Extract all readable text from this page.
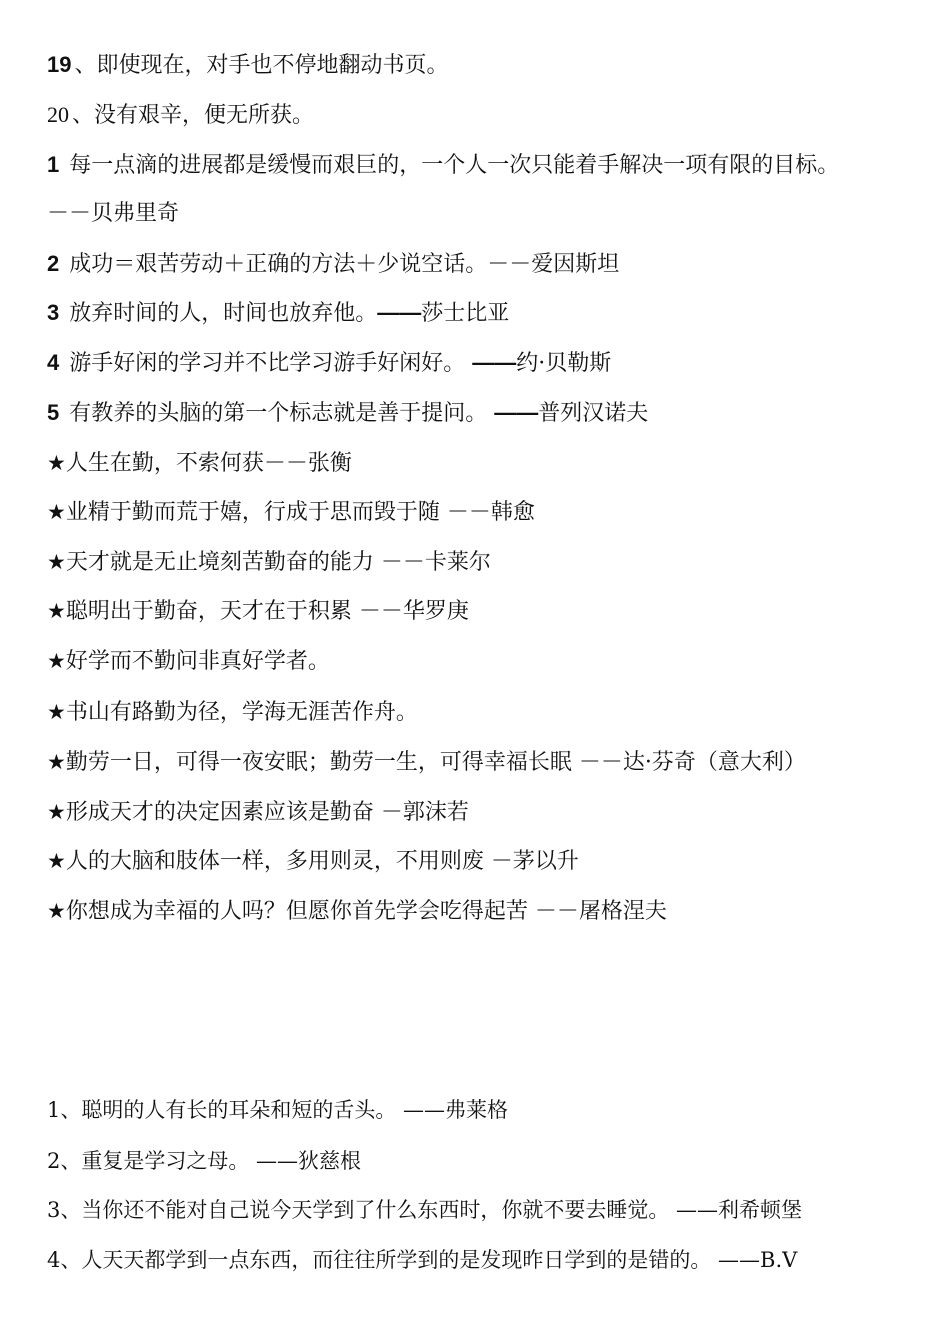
19 、即使现在，对手也不停地翻动书页。
20 、没有艰辛，便无所获。
1 每一点滴的进展都是缓慢而艰巨的，一个人一次只能着手解决一项有限的目标。
－－贝弗里奇
2 成功＝艰苦劳动＋正确的方法＋少说空话。－－爱因斯坦
3 放弃时间的人，时间也放弃他。——莎士比亚
4 游手好闲的学习并不比学习游手好闲好。 ——约·贝勒斯
5 有教养的头脑的第一个标志就是善于提问。 ——普列汉诺夫
★人生在勤，不索何获－－张衡
★业精于勤而荒于嬉，行成于思而毁于随 －－韩愈
★天才就是无止境刻苦勤奋的能力 －－卡莱尔
★聪明出于勤奋，天才在于积累 －－华罗庚
★好学而不勤问非真好学者。
★书山有路勤为径，学海无涯苦作舟。
★勤劳一日，可得一夜安眠；勤劳一生，可得幸福长眠 －－达·芬奇（意大利）
★形成天才的决定因素应该是勤奋 －郭沫若
★人的大脑和肢体一样，多用则灵，不用则废 －茅以升
★你想成为幸福的人吗？但愿你首先学会吃得起苦 －－屠格涅夫
1、聪明的人有长的耳朵和短的舌头。 ——弗莱格
2、重复是学习之母。 ——狄慈根
3、当你还不能对自己说今天学到了什么东西时，你就不要去睡觉。 ——利希顿堡
4、人天天都学到一点东西，而往往所学到的是发现昨日学到的是错的。 ——B.V
